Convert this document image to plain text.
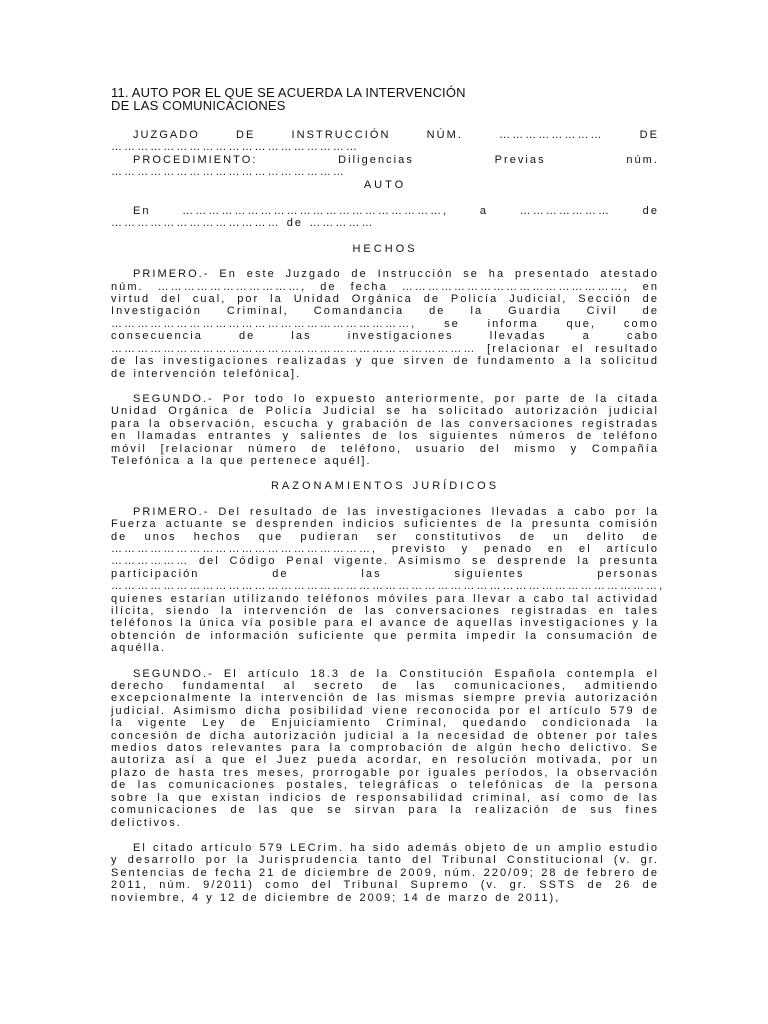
11. AUTO POR EL QUE SE ACUERDA LA INTERVENCIÓN
DE LAS COMUNICACIONES

JUZGADO DE INSTRUCCIÓN NÚM. …………………… DE …………………………………………………

PROCEDIMIENTO: Diligencias Previas núm. ………………………………………………

AUTO

En ……………………………………………………, a ………………… de ………………………………… de ……………

HECHOS

PRIMERO.- En este Juzgado de Instrucción se ha presentado atestado núm. ……………………………, de fecha ……………………………………………, en virtud del cual, por la Unidad Orgánica de Policía Judicial, Sección de Investigación Criminal, Comandancia de la Guardia Civil de ……………………………………………………………, se informa que, como consecuencia de las investigaciones llevadas a cabo ………………………………………………………………………… [relacionar el resultado de las investigaciones realizadas y que sirven de fundamento a la solicitud de intervención telefónica].

SEGUNDO.- Por todo lo expuesto anteriormente, por parte de la citada Unidad Orgánica de Policía Judicial se ha solicitado autorización judicial para la observación, escucha y grabación de las conversaciones registradas en llamadas entrantes y salientes de los siguientes números de teléfono móvil [relacionar número de teléfono, usuario del mismo y Compañía Telefónica a la que pertenece aquél].

RAZONAMIENTOS JURÍDICOS

PRIMERO.- Del resultado de las investigaciones llevadas a cabo por la Fuerza actuante se desprenden indicios suficientes de la presunta comisión de unos hechos que pudieran ser constitutivos de un delito de ……………………………………………………, previsto y penado en el artículo ……………… del Código Penal vigente. Asimismo se desprende la presunta participación de las siguientes personas ………………………………………………………………………………………………………………, quienes estarían utilizando teléfonos móviles para llevar a cabo tal actividad ilícita, siendo la intervención de las conversaciones registradas en tales teléfonos la única vía posible para el avance de aquellas investigaciones y la obtención de información suficiente que permita impedir la consumación de aquélla.

SEGUNDO.- El artículo 18.3 de la Constitución Española contempla el derecho fundamental al secreto de las comunicaciones, admitiendo excepcionalmente la intervención de las mismas siempre previa autorización judicial. Asimismo dicha posibilidad viene reconocida por el artículo 579 de la vigente Ley de Enjuiciamiento Criminal, quedando condicionada la concesión de dicha autorización judicial a la necesidad de obtener por tales medios datos relevantes para la comprobación de algún hecho delictivo. Se autoriza así a que el Juez pueda acordar, en resolución motivada, por un plazo de hasta tres meses, prorrogable por iguales períodos, la observación de las comunicaciones postales, telegráficas o telefónicas de la persona sobre la que existan indicios de responsabilidad criminal, así como de las comunicaciones de las que se sirvan para la realización de sus fines delictivos.

El citado artículo 579 LECrim. ha sido además objeto de un amplio estudio y desarrollo por la Jurisprudencia tanto del Tribunal Constitucional (v. gr. Sentencias de fecha 21 de diciembre de 2009, núm. 220/09; 28 de febrero de 2011, núm. 9/2011) como del Tribunal Supremo (v. gr. SSTS de 26 de noviembre, 4 y 12 de diciembre de 2009; 14 de marzo de 2011),
